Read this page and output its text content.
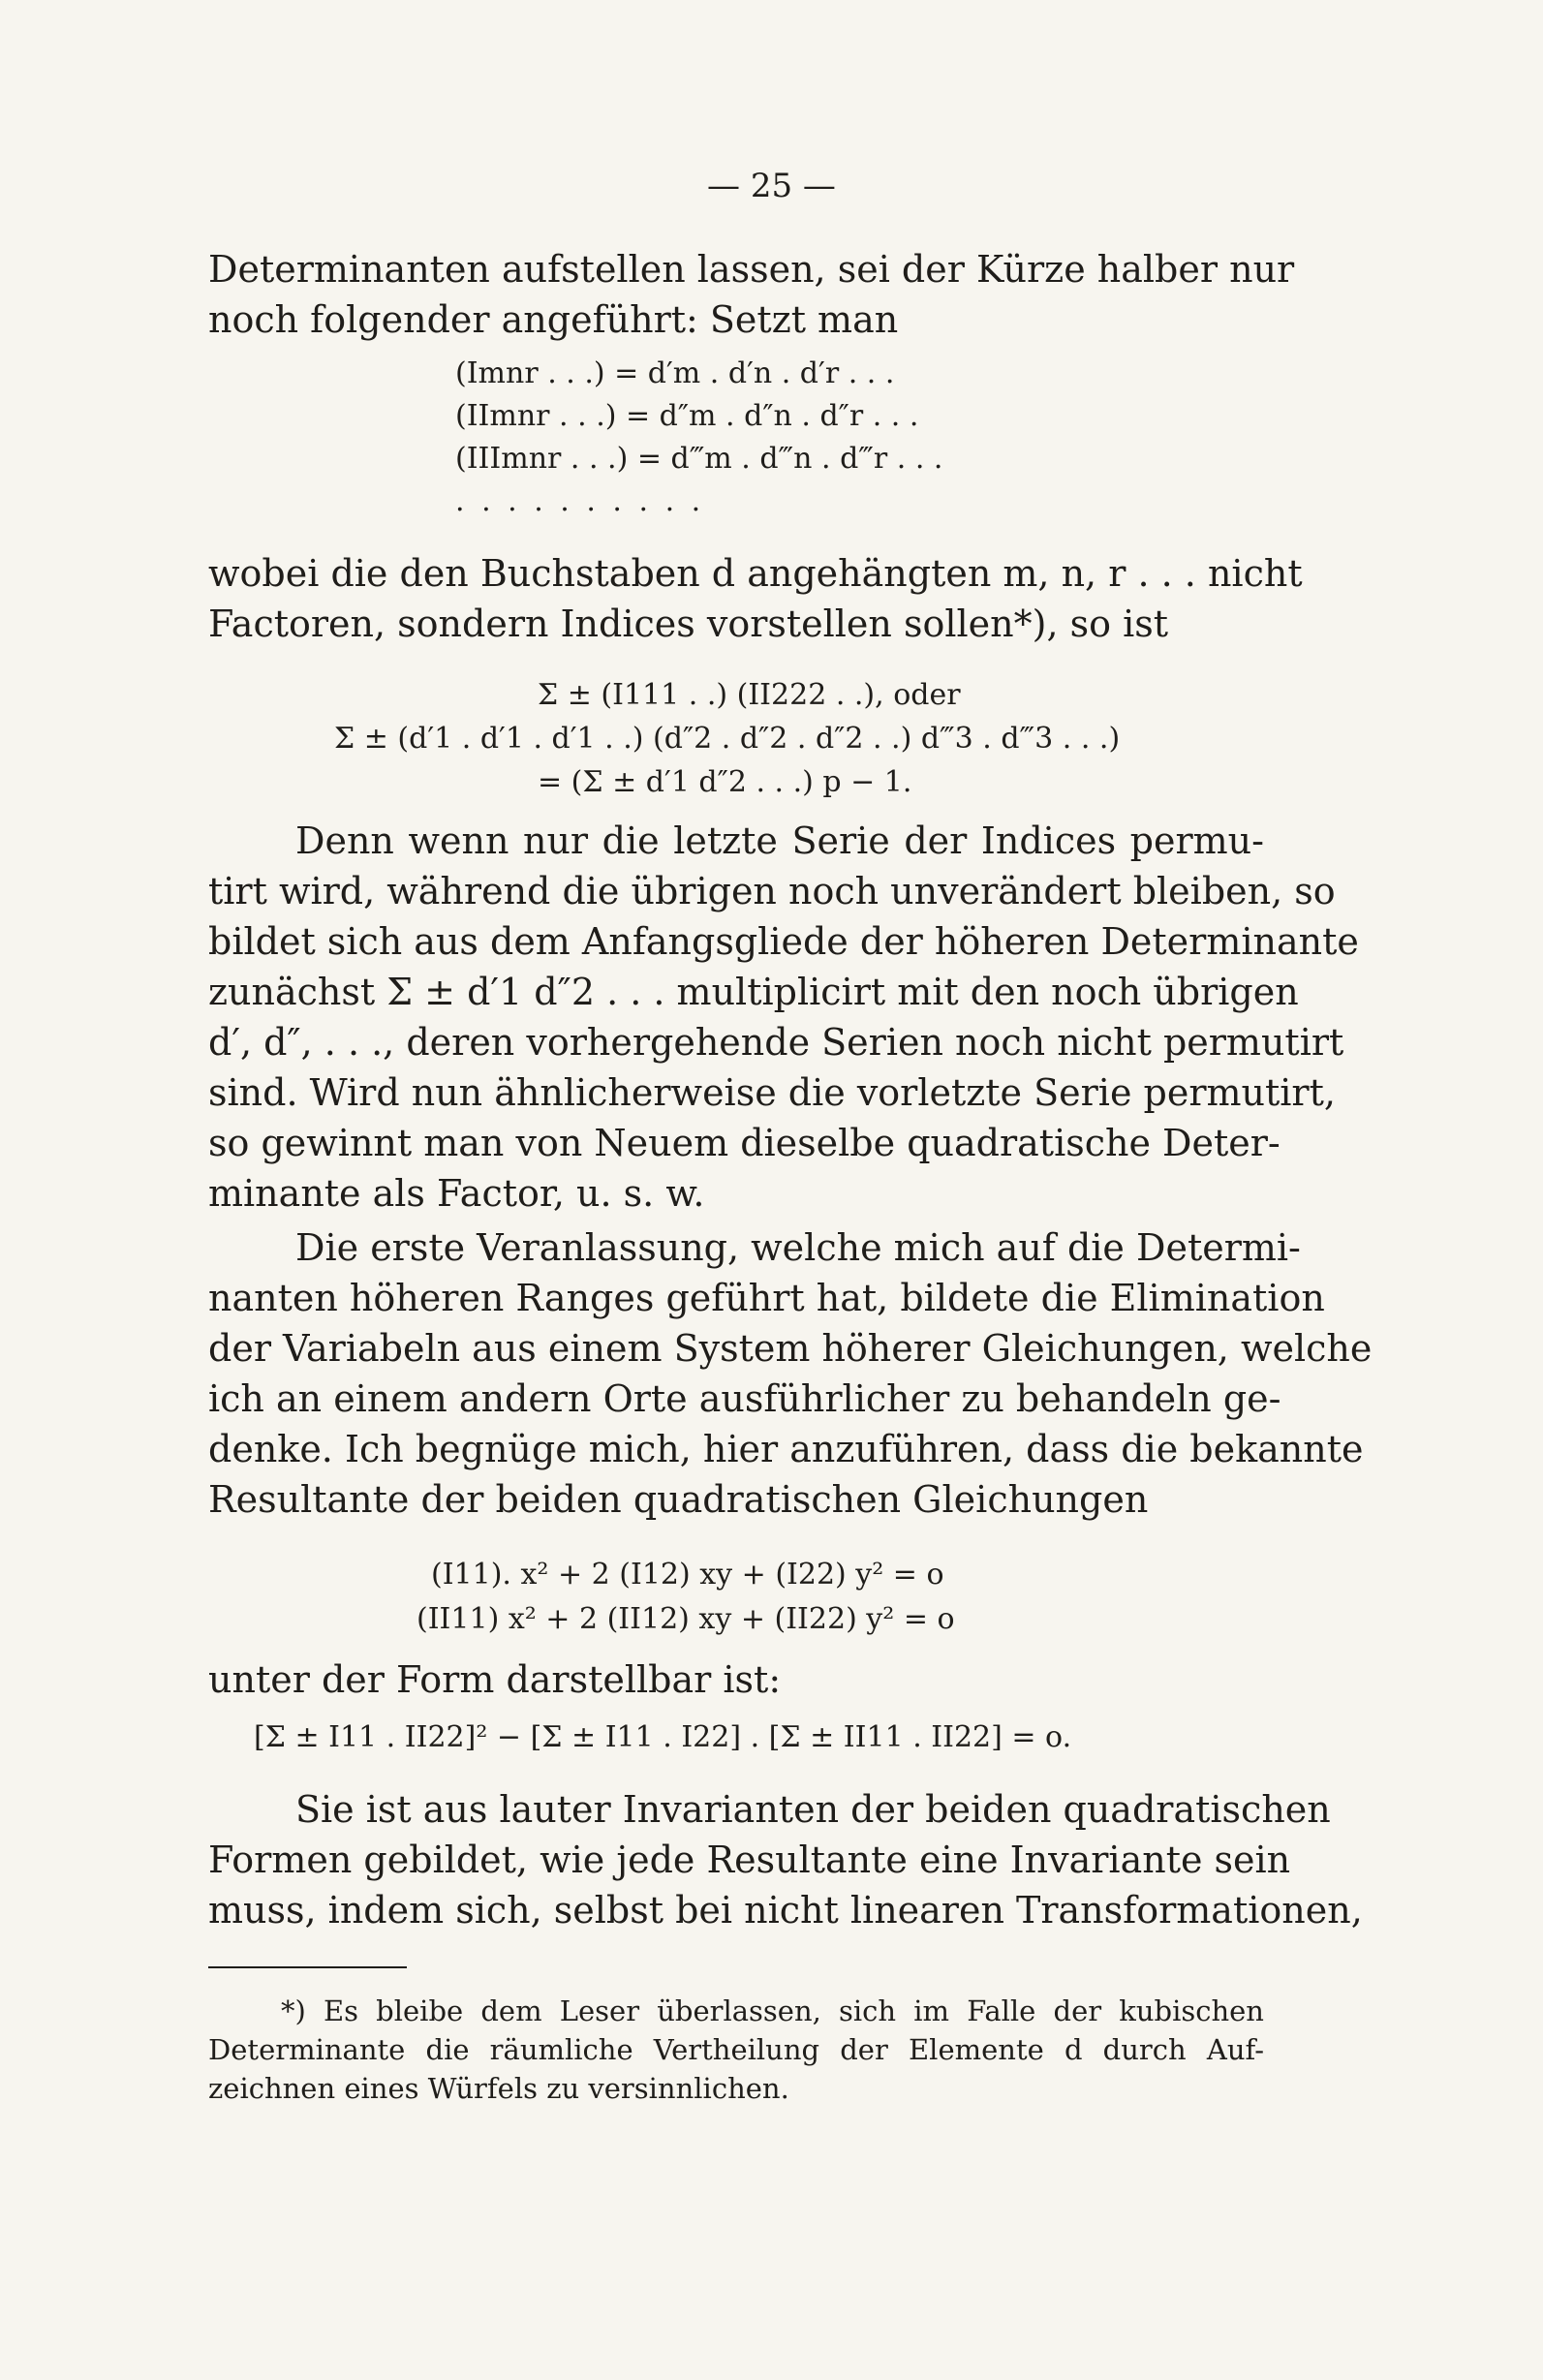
— 25 —
Determinanten aufstellen lassen, sei der Kürze halber nur
noch folgender angeführt: Setzt man
(Imnr . . .) = d′m . d′n . d′r . . .
(IImnr . . .) = d″m . d″n . d″r . . .
(IIImnr . . .) = d‴m . d‴n . d‴r . . .
. . . . . . . . . .
wobei die den Buchstaben d angehängten m, n, r . . . nicht
Factoren, sondern Indices vorstellen sollen*), so ist
Σ ± (I111 . .) (II222 . .), oder
Σ ± (d′1 . d′1 . d′1 . .) (d″2 . d″2 . d″2 . .) d‴3 . d‴3 . . .)
= (Σ ± d′1 d″2 . . .) p − 1.
Denn wenn nur die letzte Serie der Indices permu-
tirt wird, während die übrigen noch unverändert bleiben, so
bildet sich aus dem Anfangsgliede der höheren Determinante
zunächst Σ ± d′1 d″2 . . . multiplicirt mit den noch übrigen
d′, d″, . . ., deren vorhergehende Serien noch nicht permutirt
sind. Wird nun ähnlicherweise die vorletzte Serie permutirt,
so gewinnt man von Neuem dieselbe quadratische Deter-
minante als Factor, u. s. w.
Die erste Veranlassung, welche mich auf die Determi-
nanten höheren Ranges geführt hat, bildete die Elimination
der Variabeln aus einem System höherer Gleichungen, welche
ich an einem andern Orte ausführlicher zu behandeln ge-
denke. Ich begnüge mich, hier anzuführen, dass die bekannte
Resultante der beiden quadratischen Gleichungen
(I11). x² + 2 (I12) xy + (I22) y² = o
(II11) x² + 2 (II12) xy + (II22) y² = o
unter der Form darstellbar ist:
[Σ ± I11 . II22]² − [Σ ± I11 . I22] . [Σ ± II11 . II22] = o.
Sie ist aus lauter Invarianten der beiden quadratischen
Formen gebildet, wie jede Resultante eine Invariante sein
muss, indem sich, selbst bei nicht linearen Transformationen,
*) Es bleibe dem Leser überlassen, sich im Falle der kubischen
Determinante die räumliche Vertheilung der Elemente d durch Auf-
zeichnen eines Würfels zu versinnlichen.
